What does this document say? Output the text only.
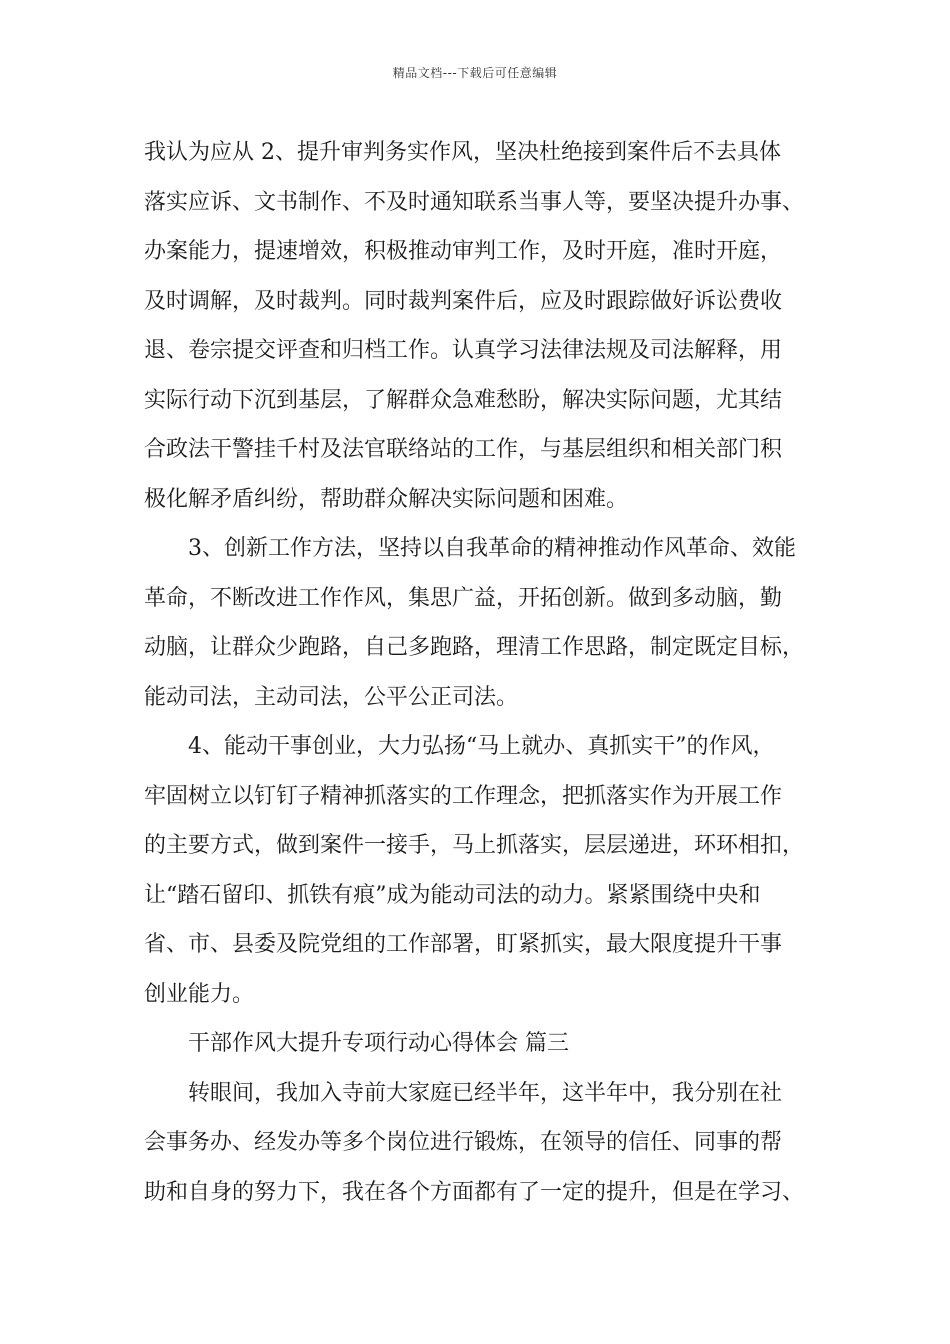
精品文档---下载后可任意编辑
我认为应从 2、提升审判务实作风，坚决杜绝接到案件后不去具体
落实应诉、文书制作、不及时通知联系当事人等，要坚决提升办事、
办案能力，提速增效，积极推动审判工作，及时开庭，准时开庭，
及时调解，及时裁判。同时裁判案件后，应及时跟踪做好诉讼费收
退、卷宗提交评查和归档工作。认真学习法律法规及司法解释，用
实际行动下沉到基层，了解群众急难愁盼，解决实际问题，尤其结
合政法干警挂千村及法官联络站的工作，与基层组织和相关部门积
极化解矛盾纠纷，帮助群众解决实际问题和困难。
3、创新工作方法，坚持以自我革命的精神推动作风革命、效能
革命，不断改进工作作风，集思广益，开拓创新。做到多动脑，勤
动脑，让群众少跑路，自己多跑路，理清工作思路，制定既定目标，
能动司法，主动司法，公平公正司法。
4、能动干事创业，大力弘扬“马上就办、真抓实干”的作风，
牢固树立以钉钉子精神抓落实的工作理念，把抓落实作为开展工作
的主要方式，做到案件一接手，马上抓落实，层层递进，环环相扣，
让“踏石留印、抓铁有痕”成为能动司法的动力。紧紧围绕中央和
省、市、县委及院党组的工作部署，盯紧抓实，最大限度提升干事
创业能力。
干部作风大提升专项行动心得体会 篇三
转眼间，我加入寺前大家庭已经半年，这半年中，我分别在社
会事务办、经发办等多个岗位进行锻炼，在领导的信任、同事的帮
助和自身的努力下，我在各个方面都有了一定的提升，但是在学习、
